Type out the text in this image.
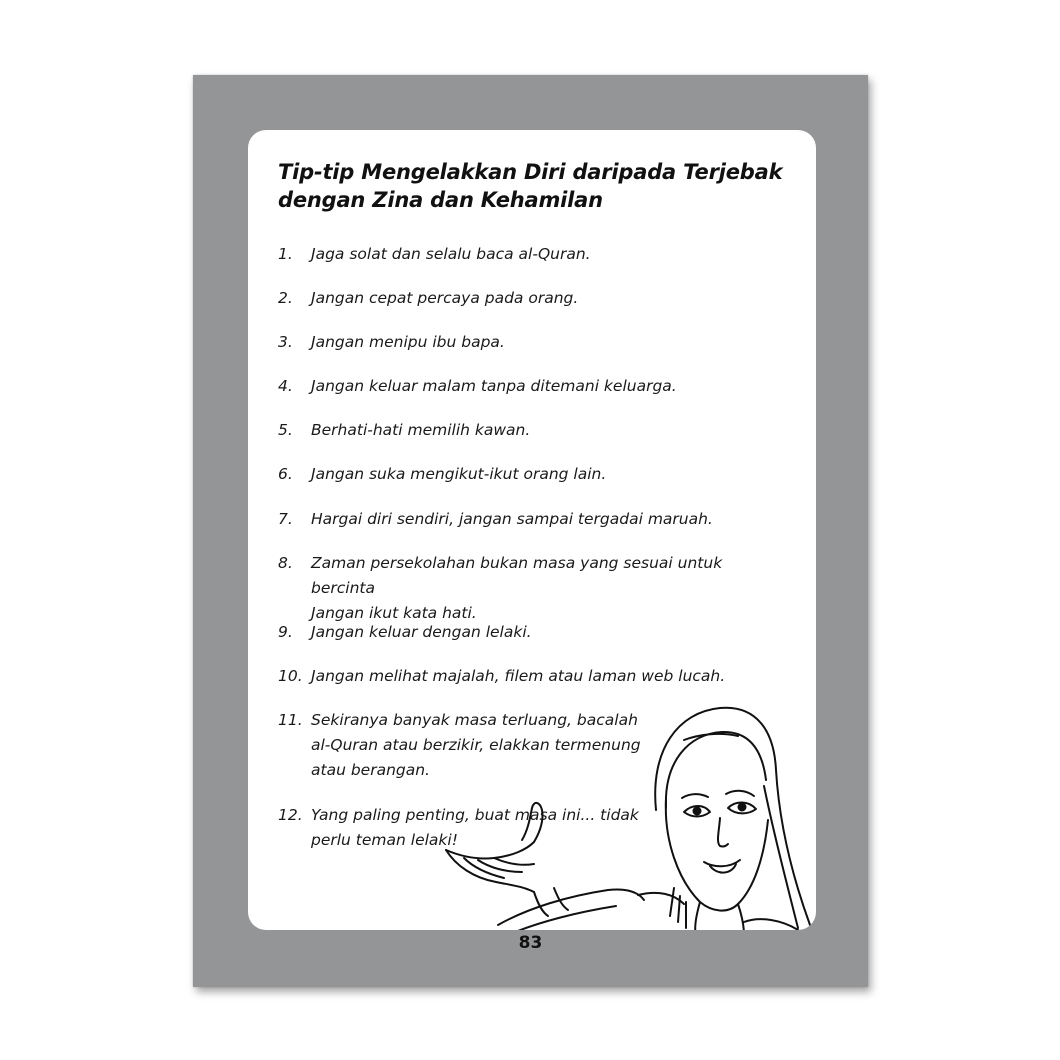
Tip-tip Mengelakkan Diri daripada Terjebak dengan Zina dan Kehamilan
1.	Jaga solat dan selalu baca al-Quran.
2.	Jangan cepat percaya pada orang.
3.	Jangan menipu ibu bapa.
4.	Jangan keluar malam tanpa ditemani keluarga.
5.	Berhati-hati memilih kawan.
6.	Jangan suka mengikut-ikut orang lain.
7.	Hargai diri sendiri, jangan sampai tergadai maruah.
8.	Zaman persekolahan bukan masa yang sesuai untuk bercinta
Jangan ikut kata hati.
9.	Jangan keluar dengan lelaki.
10. Jangan melihat majalah, filem atau laman web lucah.
11. Sekiranya banyak masa terluang, bacalah
al-Quran atau berzikir, elakkan termenung
atau berangan.
12. Yang paling penting, buat masa ini... tidak
perlu teman lelaki!
83
